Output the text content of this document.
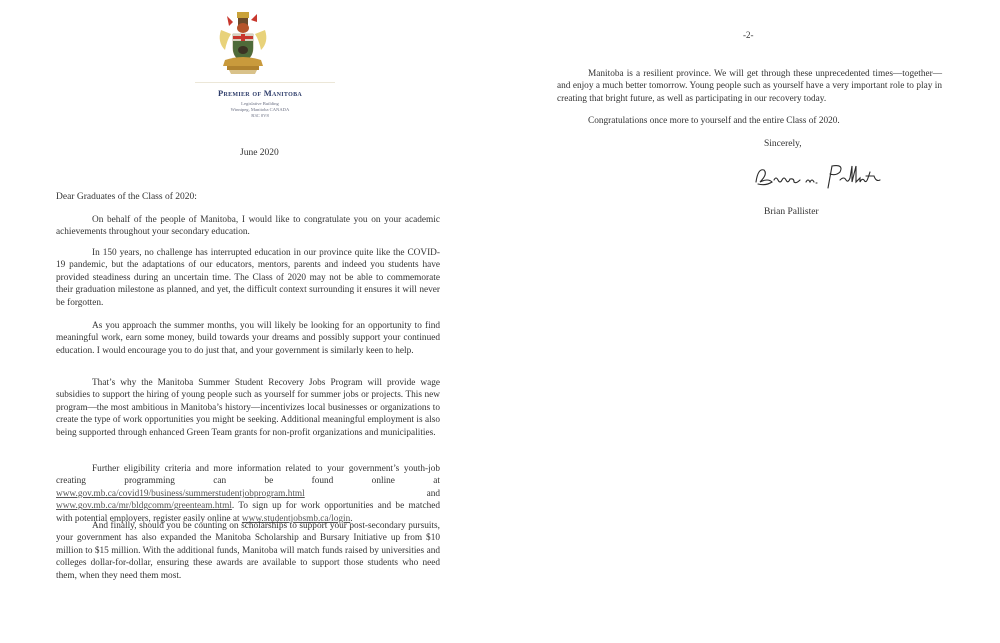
Premier of Manitoba
Legislative Building
Winnipeg, Manitoba CANADA
R3C 0V8
June 2020
Dear Graduates of the Class of 2020:
On behalf of the people of Manitoba, I would like to congratulate you on your academic achievements throughout your secondary education.
In 150 years, no challenge has interrupted education in our province quite like the COVID-19 pandemic, but the adaptations of our educators, mentors, parents and indeed you students have provided steadiness during an uncertain time. The Class of 2020 may not be able to commemorate their graduation milestone as planned, and yet, the difficult context surrounding it ensures it will never be forgotten.
As you approach the summer months, you will likely be looking for an opportunity to find meaningful work, earn some money, build towards your dreams and possibly support your continued education. I would encourage you to do just that, and your government is similarly keen to help.
That’s why the Manitoba Summer Student Recovery Jobs Program will provide wage subsidies to support the hiring of young people such as yourself for summer jobs or projects. This new program—the most ambitious in Manitoba’s history—incentivizes local businesses or organizations to create the type of work opportunities you might be seeking. Additional meaningful employment is also being supported through enhanced Green Team grants for non-profit organizations and municipalities.
Further eligibility criteria and more information related to your government’s youth-job creating programming can be found online at www.gov.mb.ca/covid19/business/summerstudentjobprogram.html and www.gov.mb.ca/mr/bldgcomm/greenteam.html. To sign up for work opportunities and be matched with potential employers, register easily online at www.studentjobsmb.ca/login.
And finally, should you be counting on scholarships to support your post-secondary pursuits, your government has also expanded the Manitoba Scholarship and Bursary Initiative up from $10 million to $15 million. With the additional funds, Manitoba will match funds raised by universities and colleges dollar-for-dollar, ensuring these awards are available to support those students who need them, when they need them most.
-2-
Manitoba is a resilient province. We will get through these unprecedented times—together—and enjoy a much better tomorrow. Young people such as yourself have a very important role to play in creating that bright future, as well as participating in our recovery today.
Congratulations once more to yourself and the entire Class of 2020.
Sincerely,
Brian Pallister
